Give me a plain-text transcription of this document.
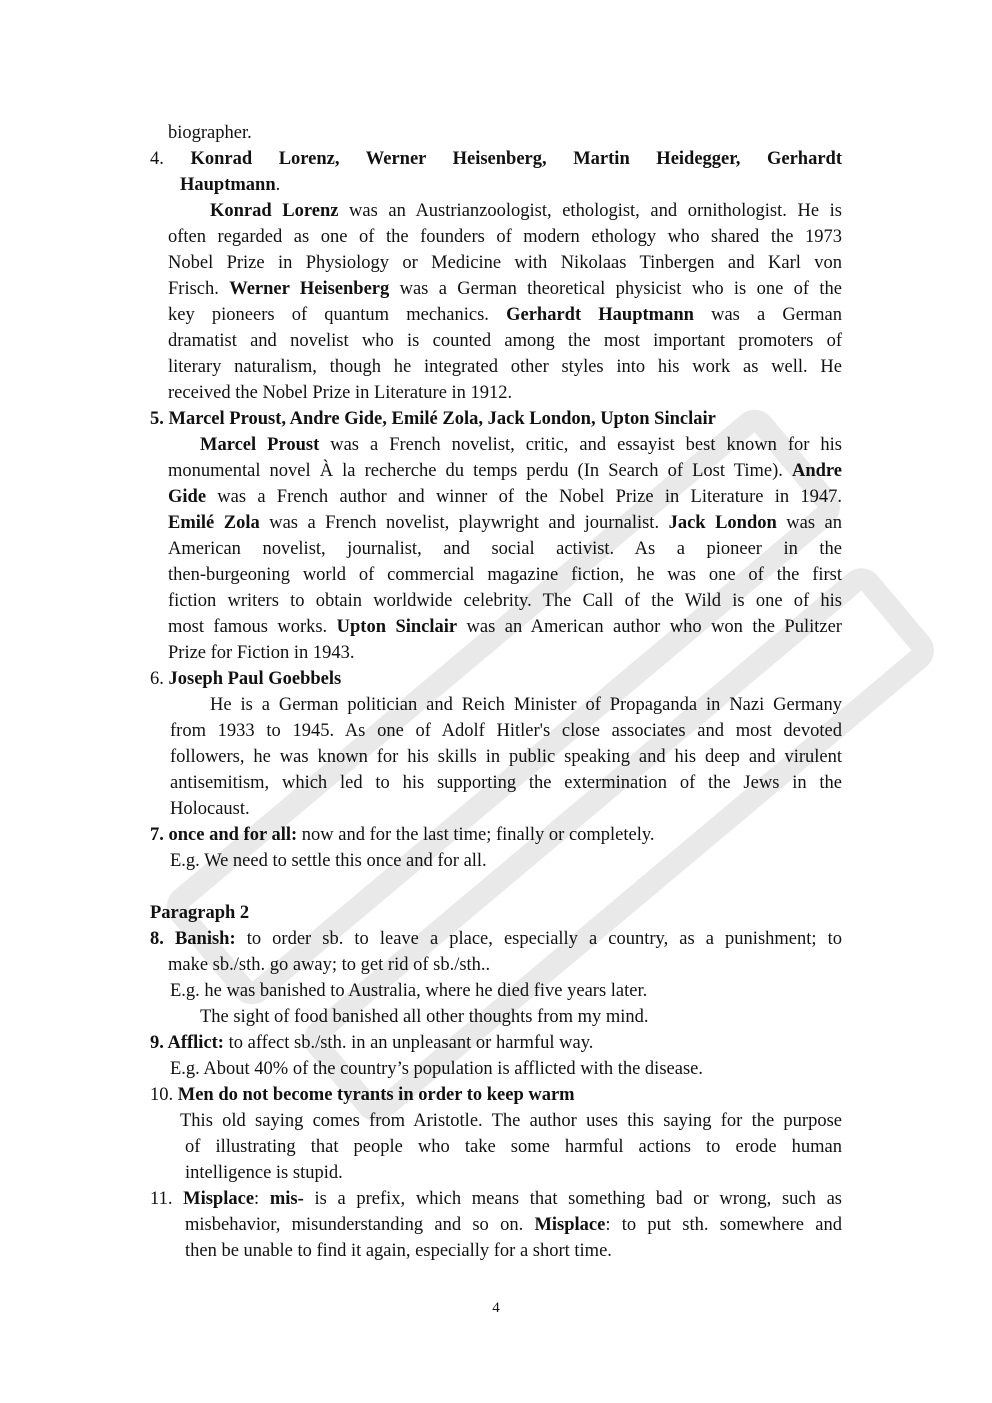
biographer.
4. Konrad Lorenz, Werner Heisenberg, Martin Heidegger, Gerhardt
Hauptmann.
Konrad Lorenz was an Austrianzoologist, ethologist, and ornithologist. He is
often regarded as one of the founders of modern ethology who shared the 1973
Nobel Prize in Physiology or Medicine with Nikolaas Tinbergen and Karl von
Frisch. Werner Heisenberg was a German theoretical physicist who is one of the
key pioneers of quantum mechanics. Gerhardt Hauptmann was a German
dramatist and novelist who is counted among the most important promoters of
literary naturalism, though he integrated other styles into his work as well. He
received the Nobel Prize in Literature in 1912.
5. Marcel Proust, Andre Gide, Emilé Zola, Jack London, Upton Sinclair
Marcel Proust was a French novelist, critic, and essayist best known for his
monumental novel À la recherche du temps perdu (In Search of Lost Time). Andre
Gide was a French author and winner of the Nobel Prize in Literature in 1947.
Emilé Zola was a French novelist, playwright and journalist. Jack London was an
American novelist, journalist, and social activist. As a pioneer in the
then-burgeoning world of commercial magazine fiction, he was one of the first
fiction writers to obtain worldwide celebrity. The Call of the Wild is one of his
most famous works. Upton Sinclair was an American author who won the Pulitzer
Prize for Fiction in 1943.
6. Joseph Paul Goebbels
He is a German politician and Reich Minister of Propaganda in Nazi Germany
from 1933 to 1945. As one of Adolf Hitler's close associates and most devoted
followers, he was known for his skills in public speaking and his deep and virulent
antisemitism, which led to his supporting the extermination of the Jews in the
Holocaust.
7. once and for all: now and for the last time; finally or completely.
E.g. We need to settle this once and for all.
Paragraph 2
8. Banish: to order sb. to leave a place, especially a country, as a punishment; to
make sb./sth. go away; to get rid of sb./sth..
E.g. he was banished to Australia, where he died five years later.
The sight of food banished all other thoughts from my mind.
9. Afflict: to affect sb./sth. in an unpleasant or harmful way.
E.g. About 40% of the country’s population is afflicted with the disease.
10. Men do not become tyrants in order to keep warm
This old saying comes from Aristotle. The author uses this saying for the purpose
of illustrating that people who take some harmful actions to erode human
intelligence is stupid.
11. Misplace: mis- is a prefix, which means that something bad or wrong, such as
misbehavior, misunderstanding and so on. Misplace: to put sth. somewhere and
then be unable to find it again, especially for a short time.
4
